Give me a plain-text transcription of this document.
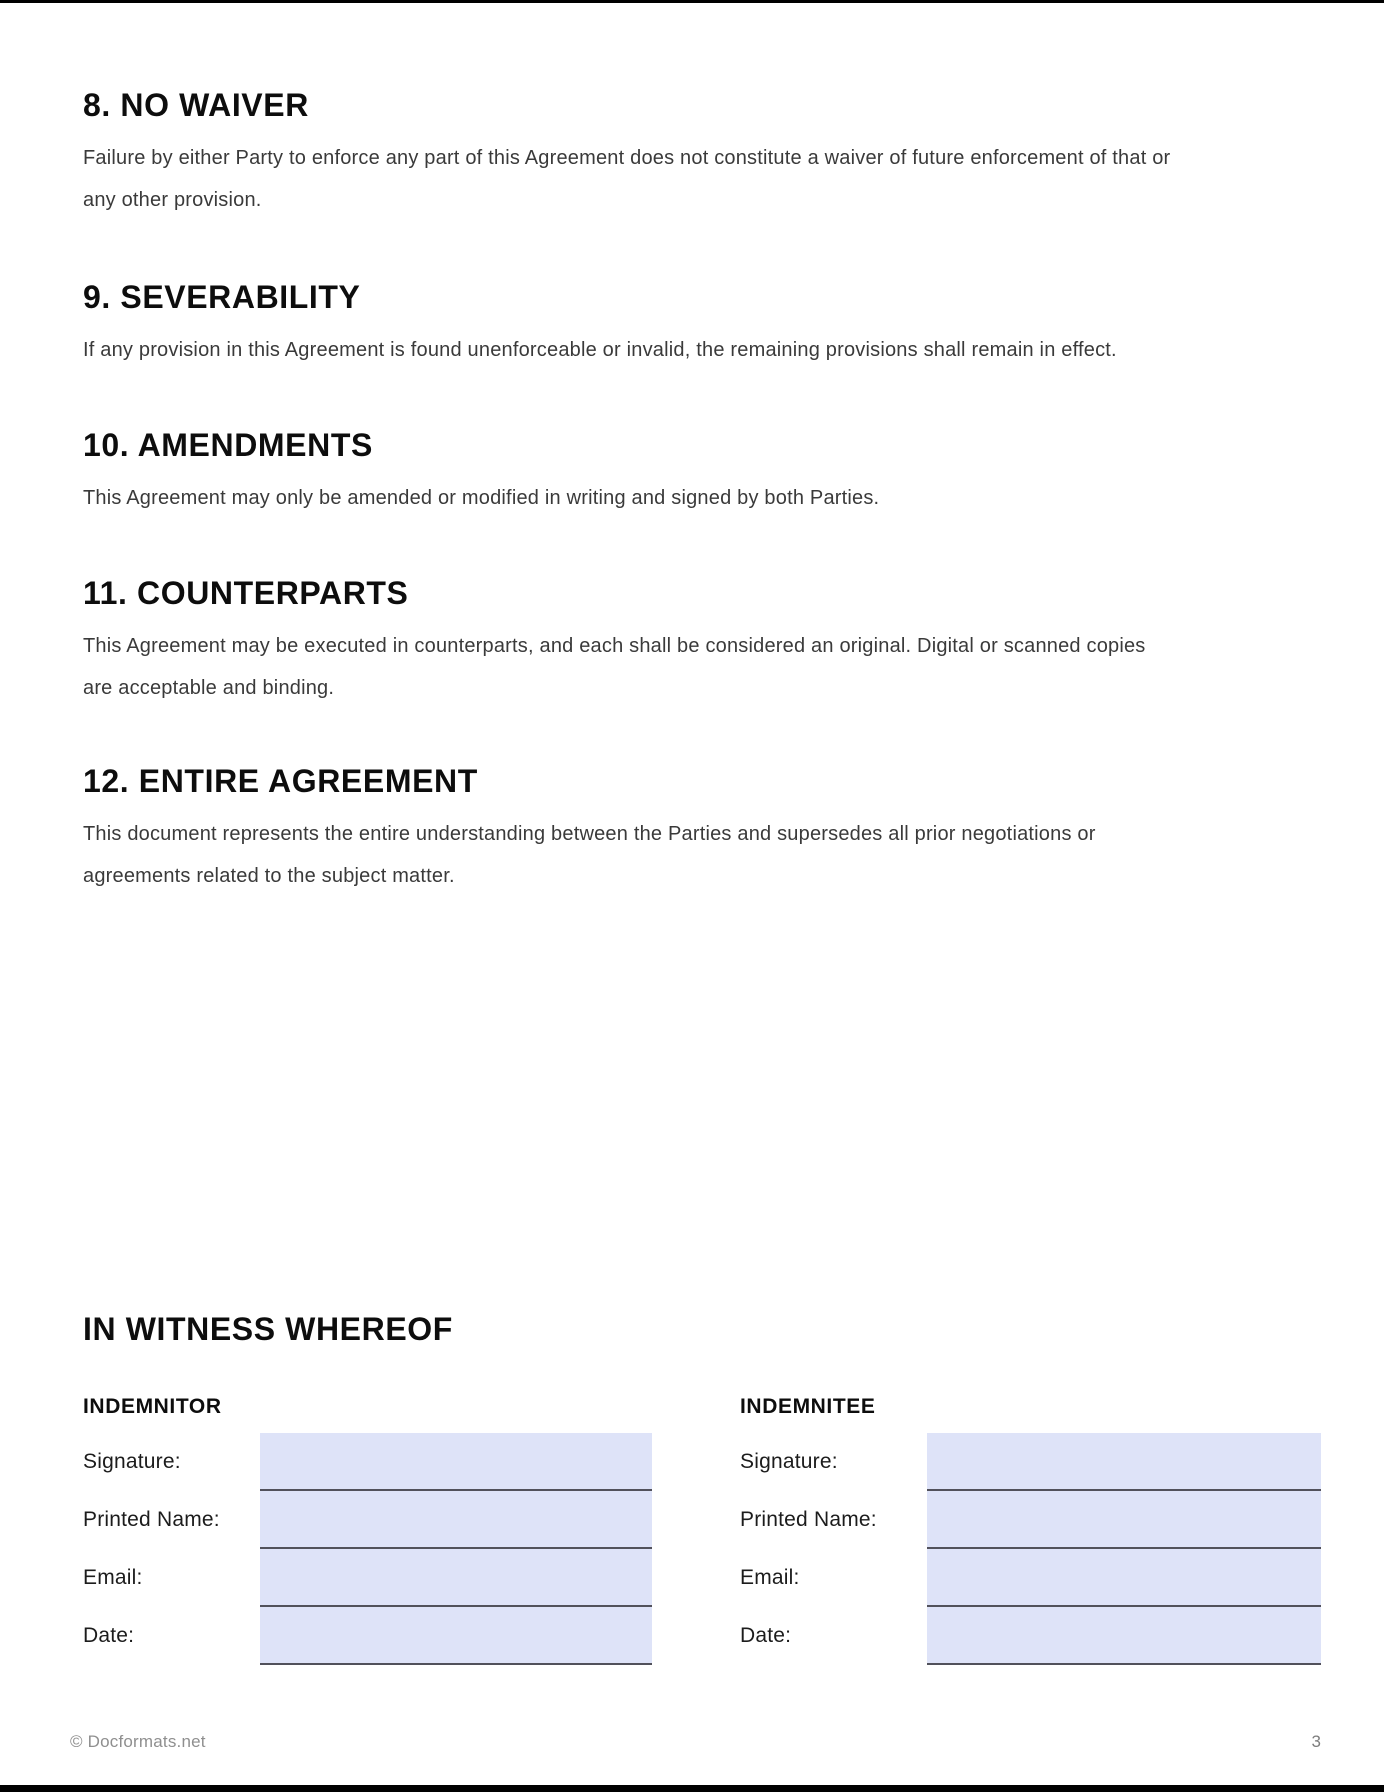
8. NO WAIVER

Failure by either Party to enforce any part of this Agreement does not constitute a waiver of future enforcement of that or any other provision.

9. SEVERABILITY

If any provision in this Agreement is found unenforceable or invalid, the remaining provisions shall remain in effect.

10. AMENDMENTS

This Agreement may only be amended or modified in writing and signed by both Parties.

11. COUNTERPARTS

This Agreement may be executed in counterparts, and each shall be considered an original. Digital or scanned copies are acceptable and binding.

12. ENTIRE AGREEMENT

This document represents the entire understanding between the Parties and supersedes all prior negotiations or agreements related to the subject matter.

IN WITNESS WHEREOF
INDEMNITOR
Signature:
Printed Name:
Email:
Date:
INDEMNITEE
Signature:
Printed Name:
Email:
Date:
© Docformats.net	3
